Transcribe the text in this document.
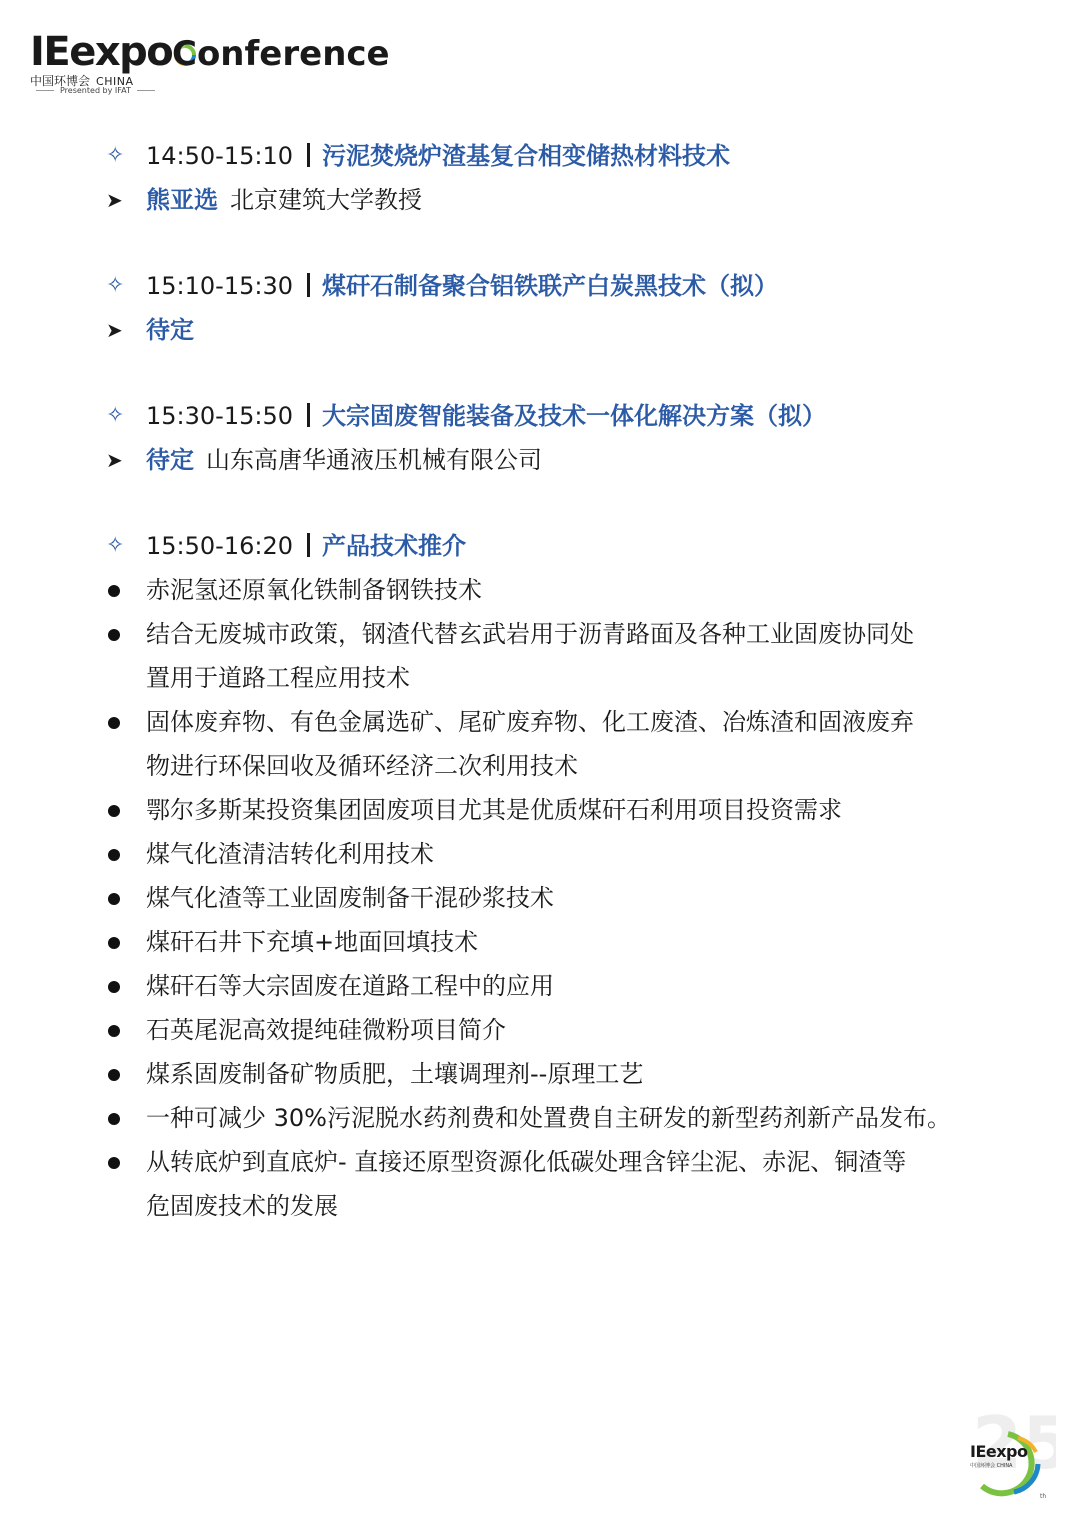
IEexpo Conference
中国环博会 CHINA
Presented by IFAT
✧ 14:50-15:10 污泥焚烧炉渣基复合相变储热材料技术
➤ 熊亚选 北京建筑大学教授
✧ 15:10-15:30 煤矸石制备聚合铝铁联产白炭黑技术（拟）
➤ 待定
✧ 15:30-15:50 大宗固废智能装备及技术一体化解决方案（拟）
➤ 待定 山东高唐华通液压机械有限公司
✧ 15:50-16:20 产品技术推介
赤泥氢还原氧化铁制备钢铁技术
结合无废城市政策，钢渣代替玄武岩用于沥青路面及各种工业固废协同处
置用于道路工程应用技术
固体废弃物、有色金属选矿、尾矿废弃物、化工废渣、冶炼渣和固液废弃
物进行环保回收及循环经济二次利用技术
鄂尔多斯某投资集团固废项目尤其是优质煤矸石利用项目投资需求
煤气化渣清洁转化利用技术
煤气化渣等工业固废制备干混砂浆技术
煤矸石井下充填+地面回填技术
煤矸石等大宗固废在道路工程中的应用
石英尾泥高效提纯硅微粉项目简介
煤系固废制备矿物质肥，土壤调理剂--原理工艺
一种可减少 30%污泥脱水药剂费和处置费自主研发的新型药剂新产品发布。
从转底炉到直底炉- 直接还原型资源化低碳处理含锌尘泥、赤泥、铜渣等
危固废技术的发展
25
th
IEexpo
中国环博会 CHINA
